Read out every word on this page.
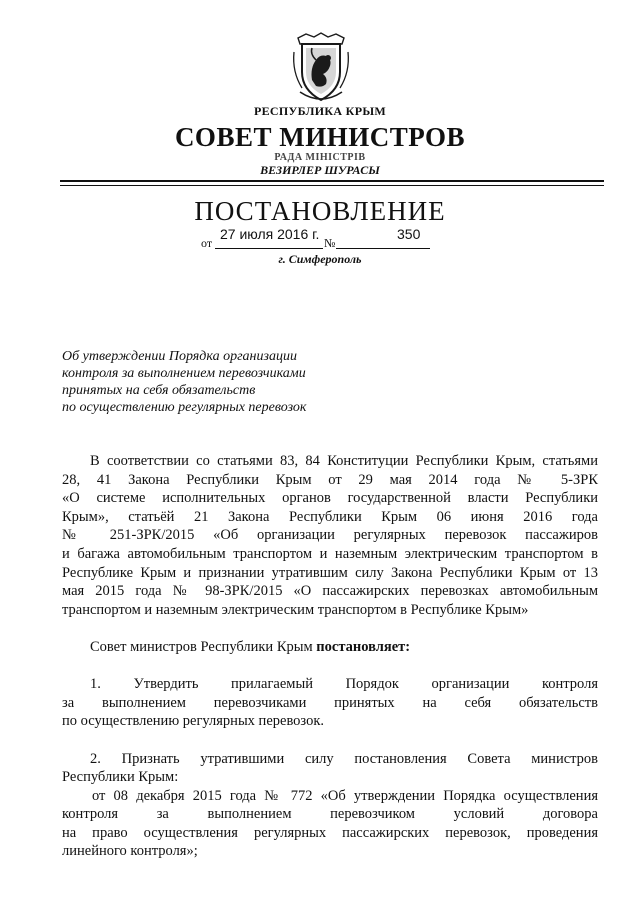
РЕСПУБЛИКА КРЫМ
СОВЕТ МИНИСТРОВ
РАДА МІНІСТРІВ
ВЕЗИРЛЕР ШУРАСЫ
ПОСТАНОВЛЕНИЕ
27 июля 2016 г.	350
от	№
г. Симферополь
Об утверждении Порядка организации
контроля за выполнением перевозчиками
принятых на себя обязательств
по осуществлению регулярных перевозок

В соответствии со статьями 83, 84 Конституции Республики Крым, статьями

28, 41 Закона Республики Крым от 29 мая 2014 года № 5-ЗРК

«О системе исполнительных органов государственной власти Республики

Крым», статьёй 21 Закона Республики Крым 06 июня 2016 года

№ 251-ЗРК/2015 «Об организации регулярных перевозок пассажиров

и багажа автомобильным транспортом и наземным электрическим транспортом в

Республике Крым и признании утратившим силу Закона Республики Крым от 13

мая 2015 года № 98-ЗРК/2015 «О пассажирских перевозках автомобильным

транспортом и наземным электрическим транспортом в Республике Крым»

Совет министров Республики Крым постановляет:

1. Утвердить прилагаемый Порядок организации контроля

за выполнением перевозчиками принятых на себя обязательств

по осуществлению регулярных перевозок.

2. Признать утратившими силу постановления Совета министров

Республики Крым:

от 08 декабря 2015 года № 772 «Об утверждении Порядка осуществления

контроля за выполнением перевозчиком условий договора

на право осуществления регулярных пассажирских перевозок, проведения

линейного контроля»;
